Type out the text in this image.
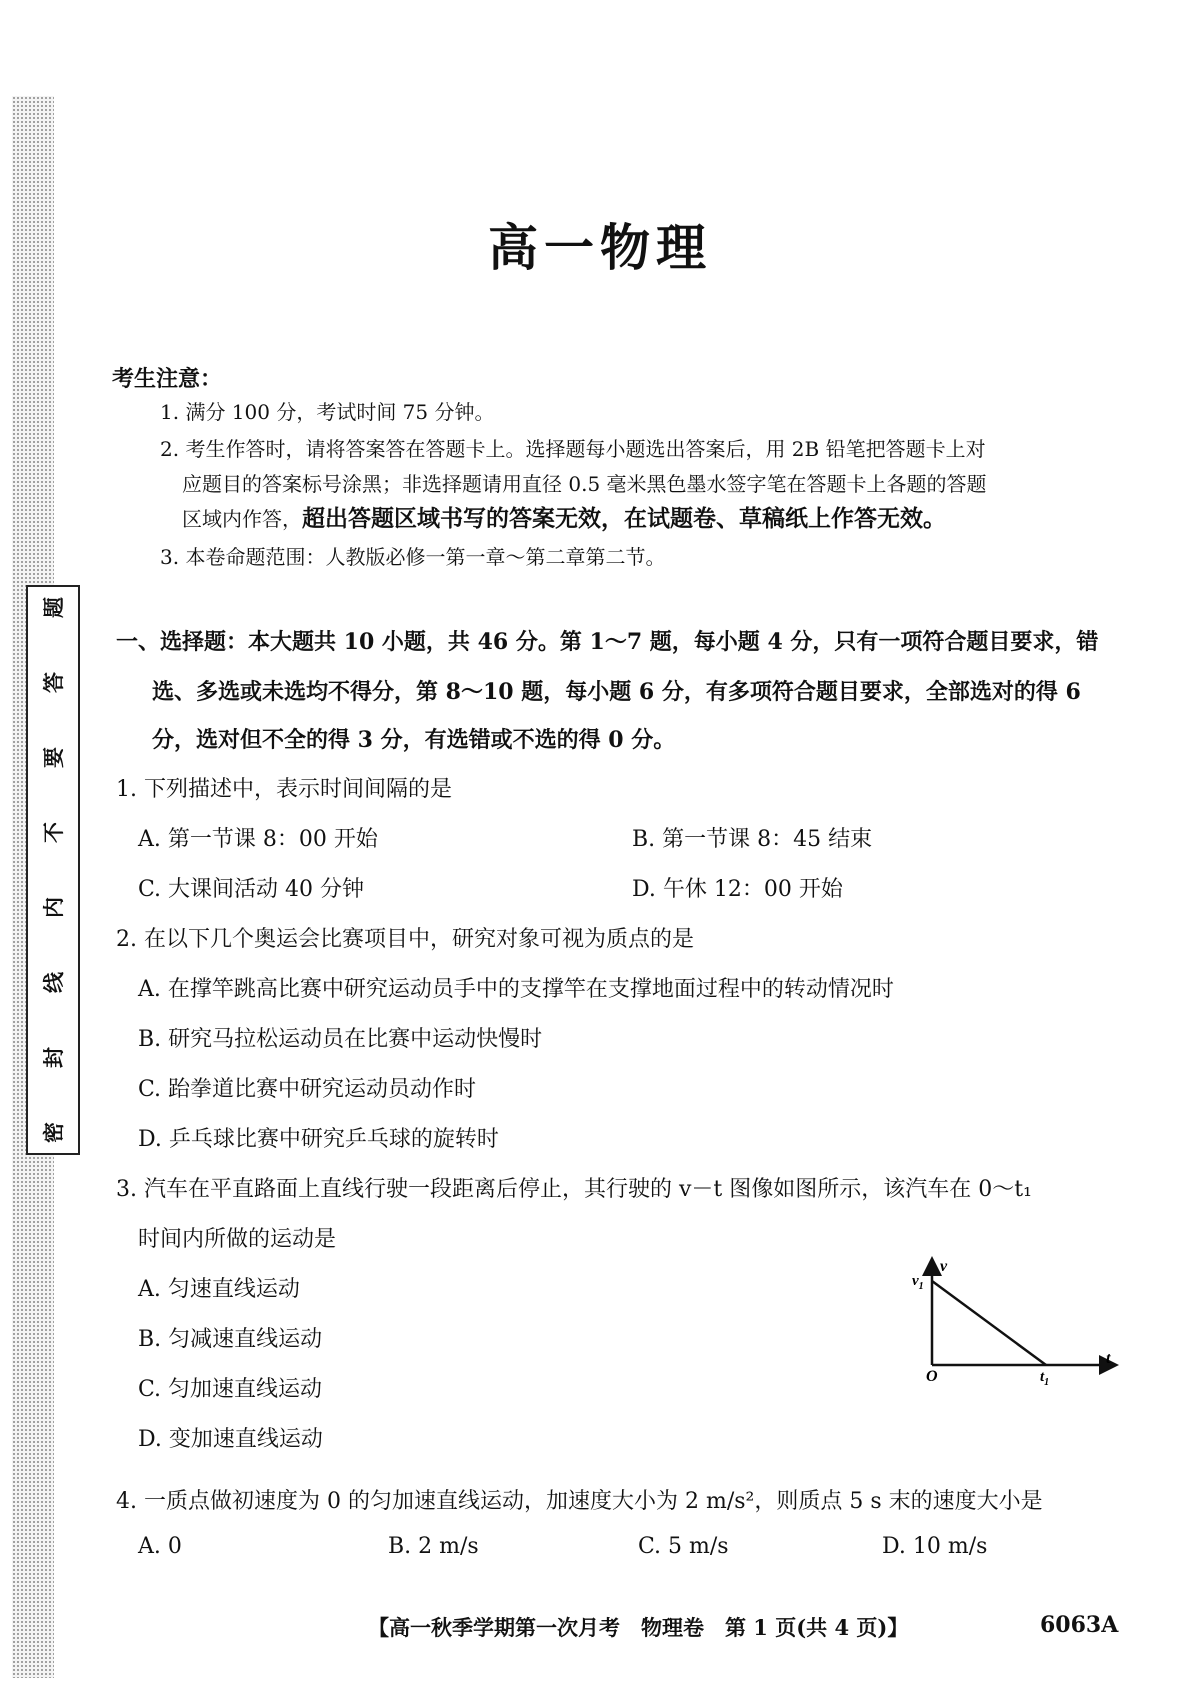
题
答
要
不
内
线
封
密
高一物理
考生注意：
1. 满分 100 分，考试时间 75 分钟。
2. 考生作答时，请将答案答在答题卡上。选择题每小题选出答案后，用 2B 铅笔把答题卡上对
应题目的答案标号涂黑；非选择题请用直径 0.5 毫米黑色墨水签字笔在答题卡上各题的答题
区域内作答，超出答题区域书写的答案无效，在试题卷、草稿纸上作答无效。
3. 本卷命题范围：人教版必修一第一章～第二章第二节。
一、选择题：本大题共 10 小题，共 46 分。第 1～7 题，每小题 4 分，只有一项符合题目要求，错
选、多选或未选均不得分，第 8～10 题，每小题 6 分，有多项符合题目要求，全部选对的得 6
分，选对但不全的得 3 分，有选错或不选的得 0 分。
1. 下列描述中，表示时间间隔的是
A. 第一节课 8：00 开始	B. 第一节课 8：45 结束
C. 大课间活动 40 分钟	D. 午休 12：00 开始
2. 在以下几个奥运会比赛项目中，研究对象可视为质点的是
A. 在撑竿跳高比赛中研究运动员手中的支撑竿在支撑地面过程中的转动情况时
B. 研究马拉松运动员在比赛中运动快慢时
C. 跆拳道比赛中研究运动员动作时
D. 乒乓球比赛中研究乒乓球的旋转时
3. 汽车在平直路面上直线行驶一段距离后停止，其行驶的 v－t 图像如图所示，该汽车在 0～t₁
时间内所做的运动是
A. 匀速直线运动
B. 匀减速直线运动
C. 匀加速直线运动
D. 变加速直线运动
v
t
O
$v_1$
$t_1$
4. 一质点做初速度为 0 的匀加速直线运动，加速度大小为 2 m/s²，则质点 5 s 末的速度大小是
A. 0	B. 2 m/s	C. 5 m/s	D. 10 m/s
【高一秋季学期第一次月考　物理卷　第 1 页(共 4 页)】	6063A
